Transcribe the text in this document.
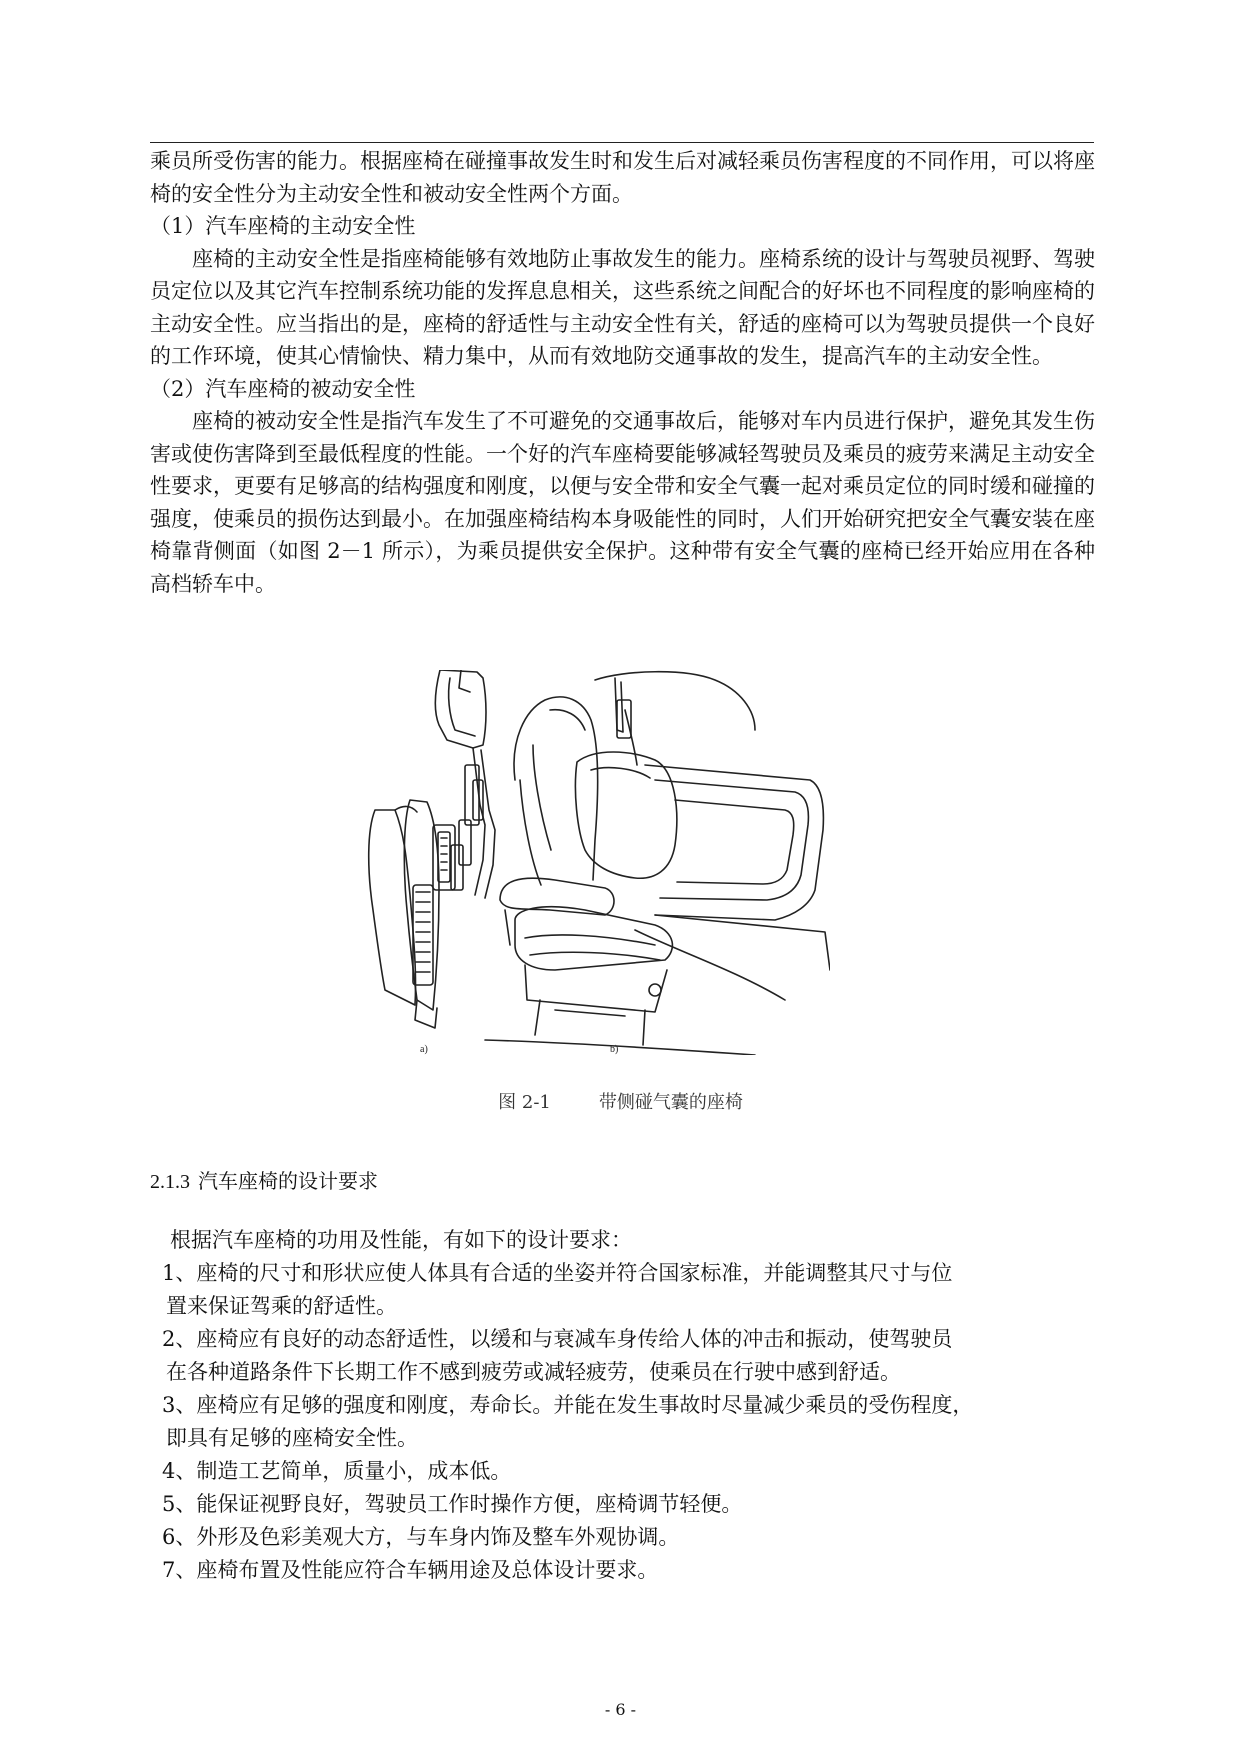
乘员所受伤害的能力。根据座椅在碰撞事故发生时和发生后对减轻乘员伤害程度的不同作用，可以将座椅的安全性分为主动安全性和被动安全性两个方面。

（1）汽车座椅的主动安全性

座椅的主动安全性是指座椅能够有效地防止事故发生的能力。座椅系统的设计与驾驶员视野、驾驶员定位以及其它汽车控制系统功能的发挥息息相关，这些系统之间配合的好坏也不同程度的影响座椅的主动安全性。应当指出的是，座椅的舒适性与主动安全性有关，舒适的座椅可以为驾驶员提供一个良好的工作环境，使其心情愉快、精力集中，从而有效地防交通事故的发生，提高汽车的主动安全性。

（2）汽车座椅的被动安全性

座椅的被动安全性是指汽车发生了不可避免的交通事故后，能够对车内员进行保护，避免其发生伤害或使伤害降到至最低程度的性能。一个好的汽车座椅要能够减轻驾驶员及乘员的疲劳来满足主动安全性要求，更要有足够高的结构强度和刚度，以便与安全带和安全气囊一起对乘员定位的同时缓和碰撞的强度，使乘员的损伤达到最小。在加强座椅结构本身吸能性的同时，人们开始研究把安全气囊安装在座椅靠背侧面（如图 2－1 所示），为乘员提供安全保护。这种带有安全气囊的座椅已经开始应用在各种高档轿车中。

a)	b)
图 2-1	带侧碰气囊的座椅
2.1.3 汽车座椅的设计要求

根据汽车座椅的功用及性能，有如下的设计要求：

1、座椅的尺寸和形状应使人体具有合适的坐姿并符合国家标准，并能调整其尺寸与位
置来保证驾乘的舒适性。

2、座椅应有良好的动态舒适性，以缓和与衰减车身传给人体的冲击和振动，使驾驶员
在各种道路条件下长期工作不感到疲劳或减轻疲劳，使乘员在行驶中感到舒适。

3、座椅应有足够的强度和刚度，寿命长。并能在发生事故时尽量减少乘员的受伤程度，
即具有足够的座椅安全性。

4、制造工艺简单，质量小，成本低。

5、能保证视野良好，驾驶员工作时操作方便，座椅调节轻便。

6、外形及色彩美观大方，与车身内饰及整车外观协调。

7、座椅布置及性能应符合车辆用途及总体设计要求。

- 6 -
